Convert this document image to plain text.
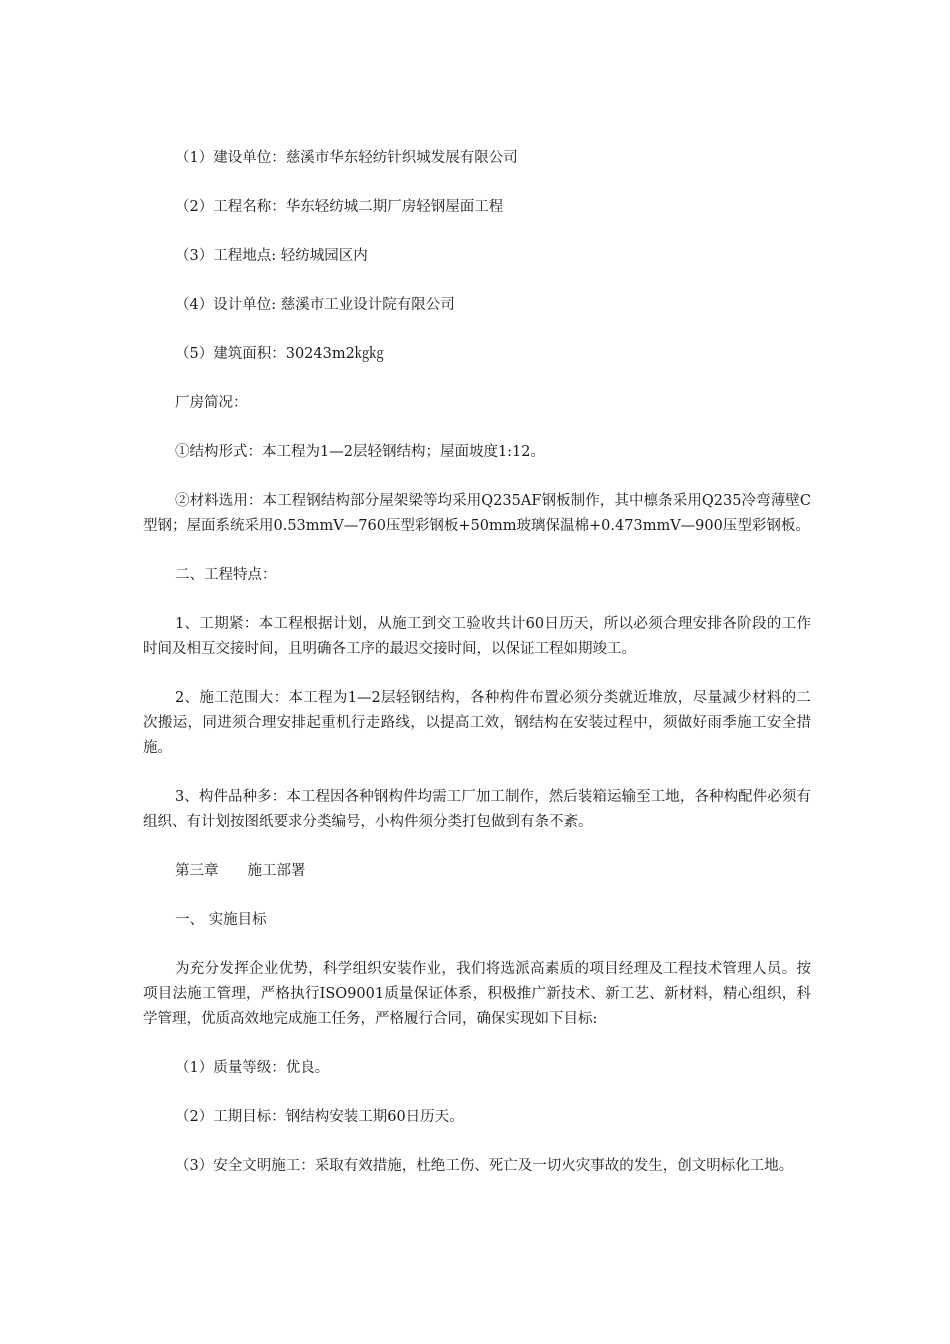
（1）建设单位：慈溪市华东轻纺针织城发展有限公司

（2）工程名称：华东轻纺城二期厂房轻钢屋面工程

（3）工程地点: 轻纺城园区内

（4）设计单位: 慈溪市工业设计院有限公司

（5）建筑面积：30243m2㎏㎏

厂房简况：

①结构形式：本工程为1—2层轻钢结构；屋面坡度1:12。

②材料选用：本工程钢结构部分屋架梁等均采用Q235AF钢板制作，其中檩条采用Q235冷弯薄壁C型钢；屋面系统采用0.53mmV—760压型彩钢板+50mm玻璃保温棉+0.473mmV—900压型彩钢板。

二、工程特点：

1、工期紧：本工程根据计划，从施工到交工验收共计60日历天，所以必须合理安排各阶段的工作时间及相互交接时间，且明确各工序的最迟交接时间，以保证工程如期竣工。

2、施工范围大：本工程为1—2层轻钢结构，各种构件布置必须分类就近堆放，尽量减少材料的二次搬运，同进须合理安排起重机行走路线，以提高工效，钢结构在安装过程中，须做好雨季施工安全措施。

3、构件品种多：本工程因各种钢构件均需工厂加工制作，然后装箱运输至工地，各种构配件必须有组织、有计划按图纸要求分类编号，小构件须分类打包做到有条不紊。

第三章　　施工部署

一、 实施目标

为充分发挥企业优势，科学组织安装作业，我们将选派高素质的项目经理及工程技术管理人员。按项目法施工管理，严格执行ISO9001质量保证体系，积极推广新技术、新工艺、新材料，精心组织，科学管理，优质高效地完成施工任务，严格履行合同，确保实现如下目标:

（1）质量等级：优良。

（2）工期目标：钢结构安装工期60日历天。

（3）安全文明施工：采取有效措施，杜绝工伤、死亡及一切火灾事故的发生，创文明标化工地。
